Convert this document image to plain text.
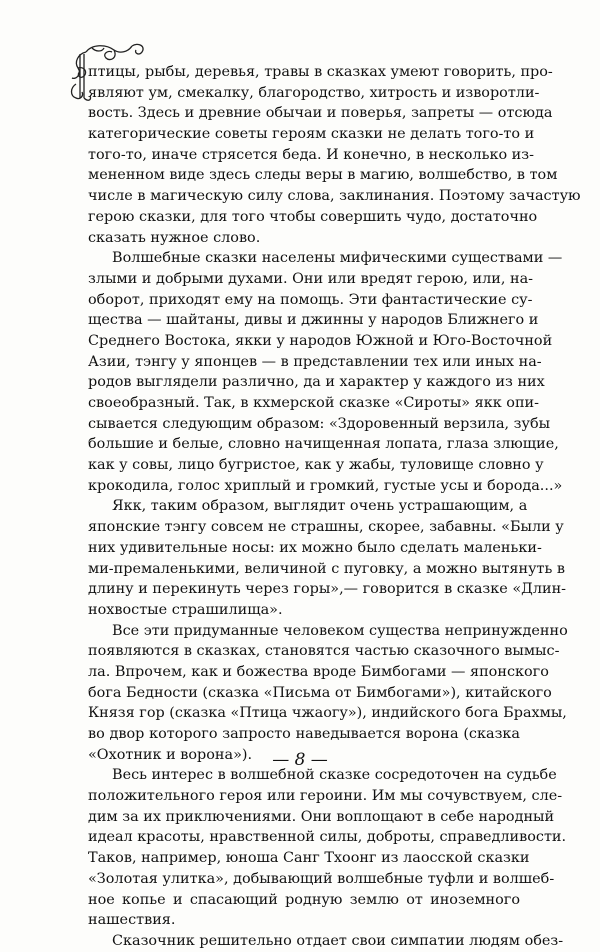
птицы, рыбы, деревья, травы в сказках умеют говорить, про-
являют ум, смекалку, благородство, хитрость и изворотли-
вость. Здесь и древние обычаи и поверья, запреты — отсюда
категорические советы героям сказки не делать того-то и
того-то, иначе стрясется беда. И конечно, в несколько из-
мененном виде здесь следы веры в магию, волшебство, в том
числе в магическую силу слова, заклинания. Поэтому зачастую
герою сказки, для того чтобы совершить чудо, достаточно
сказать нужное слово.
Волшебные сказки населены мифическими существами —
злыми и добрыми духами. Они или вредят герою, или, на-
оборот, приходят ему на помощь. Эти фантастические су-
щества — шайтаны, дивы и джинны у народов Ближнего и
Среднего Востока, якки у народов Южной и Юго-Восточной
Азии, тэнгу у японцев — в представлении тех или иных на-
родов выглядели различно, да и характер у каждого из них
своеобразный. Так, в кхмерской сказке «Сироты» якк опи-
сывается следующим образом: «Здоровенный верзила, зубы
большие и белые, словно начищенная лопата, глаза злющие,
как у совы, лицо бугристое, как у жабы, туловище словно у
крокодила, голос хриплый и громкий, густые усы и борода...»
Якк, таким образом, выглядит очень устрашающим, а
японские тэнгу совсем не страшны, скорее, забавны. «Были у
них удивительные носы: их можно было сделать маленьки-
ми-премаленькими, величиной с пуговку, а можно вытянуть в
длину и перекинуть через горы»,— говорится в сказке «Длин-
нохвостые страшилища».
Все эти придуманные человеком существа непринужденно
появляются в сказках, становятся частью сказочного вымыс-
ла. Впрочем, как и божества вроде Бимбогами — японского
бога Бедности (сказка «Письма от Бимбогами»), китайского
Князя гор (сказка «Птица чжаогу»), индийского бога Брахмы,
во двор которого запросто наведывается ворона (сказка
«Охотник и ворона»).
Весь интерес в волшебной сказке сосредоточен на судьбе
положительного героя или героини. Им мы сочувствуем, сле-
дим за их приключениями. Они воплощают в себе народный
идеал красоты, нравственной силы, доброты, справедливости.
Таков, например, юноша Санг Тхоонг из лаосской сказки
«Золотая улитка», добывающий волшебные туфли и волшеб-
ное копье и спасающий родную землю от иноземного
нашествия.
Сказочник решительно отдает свои симпатии людям обез-
— 8 —
